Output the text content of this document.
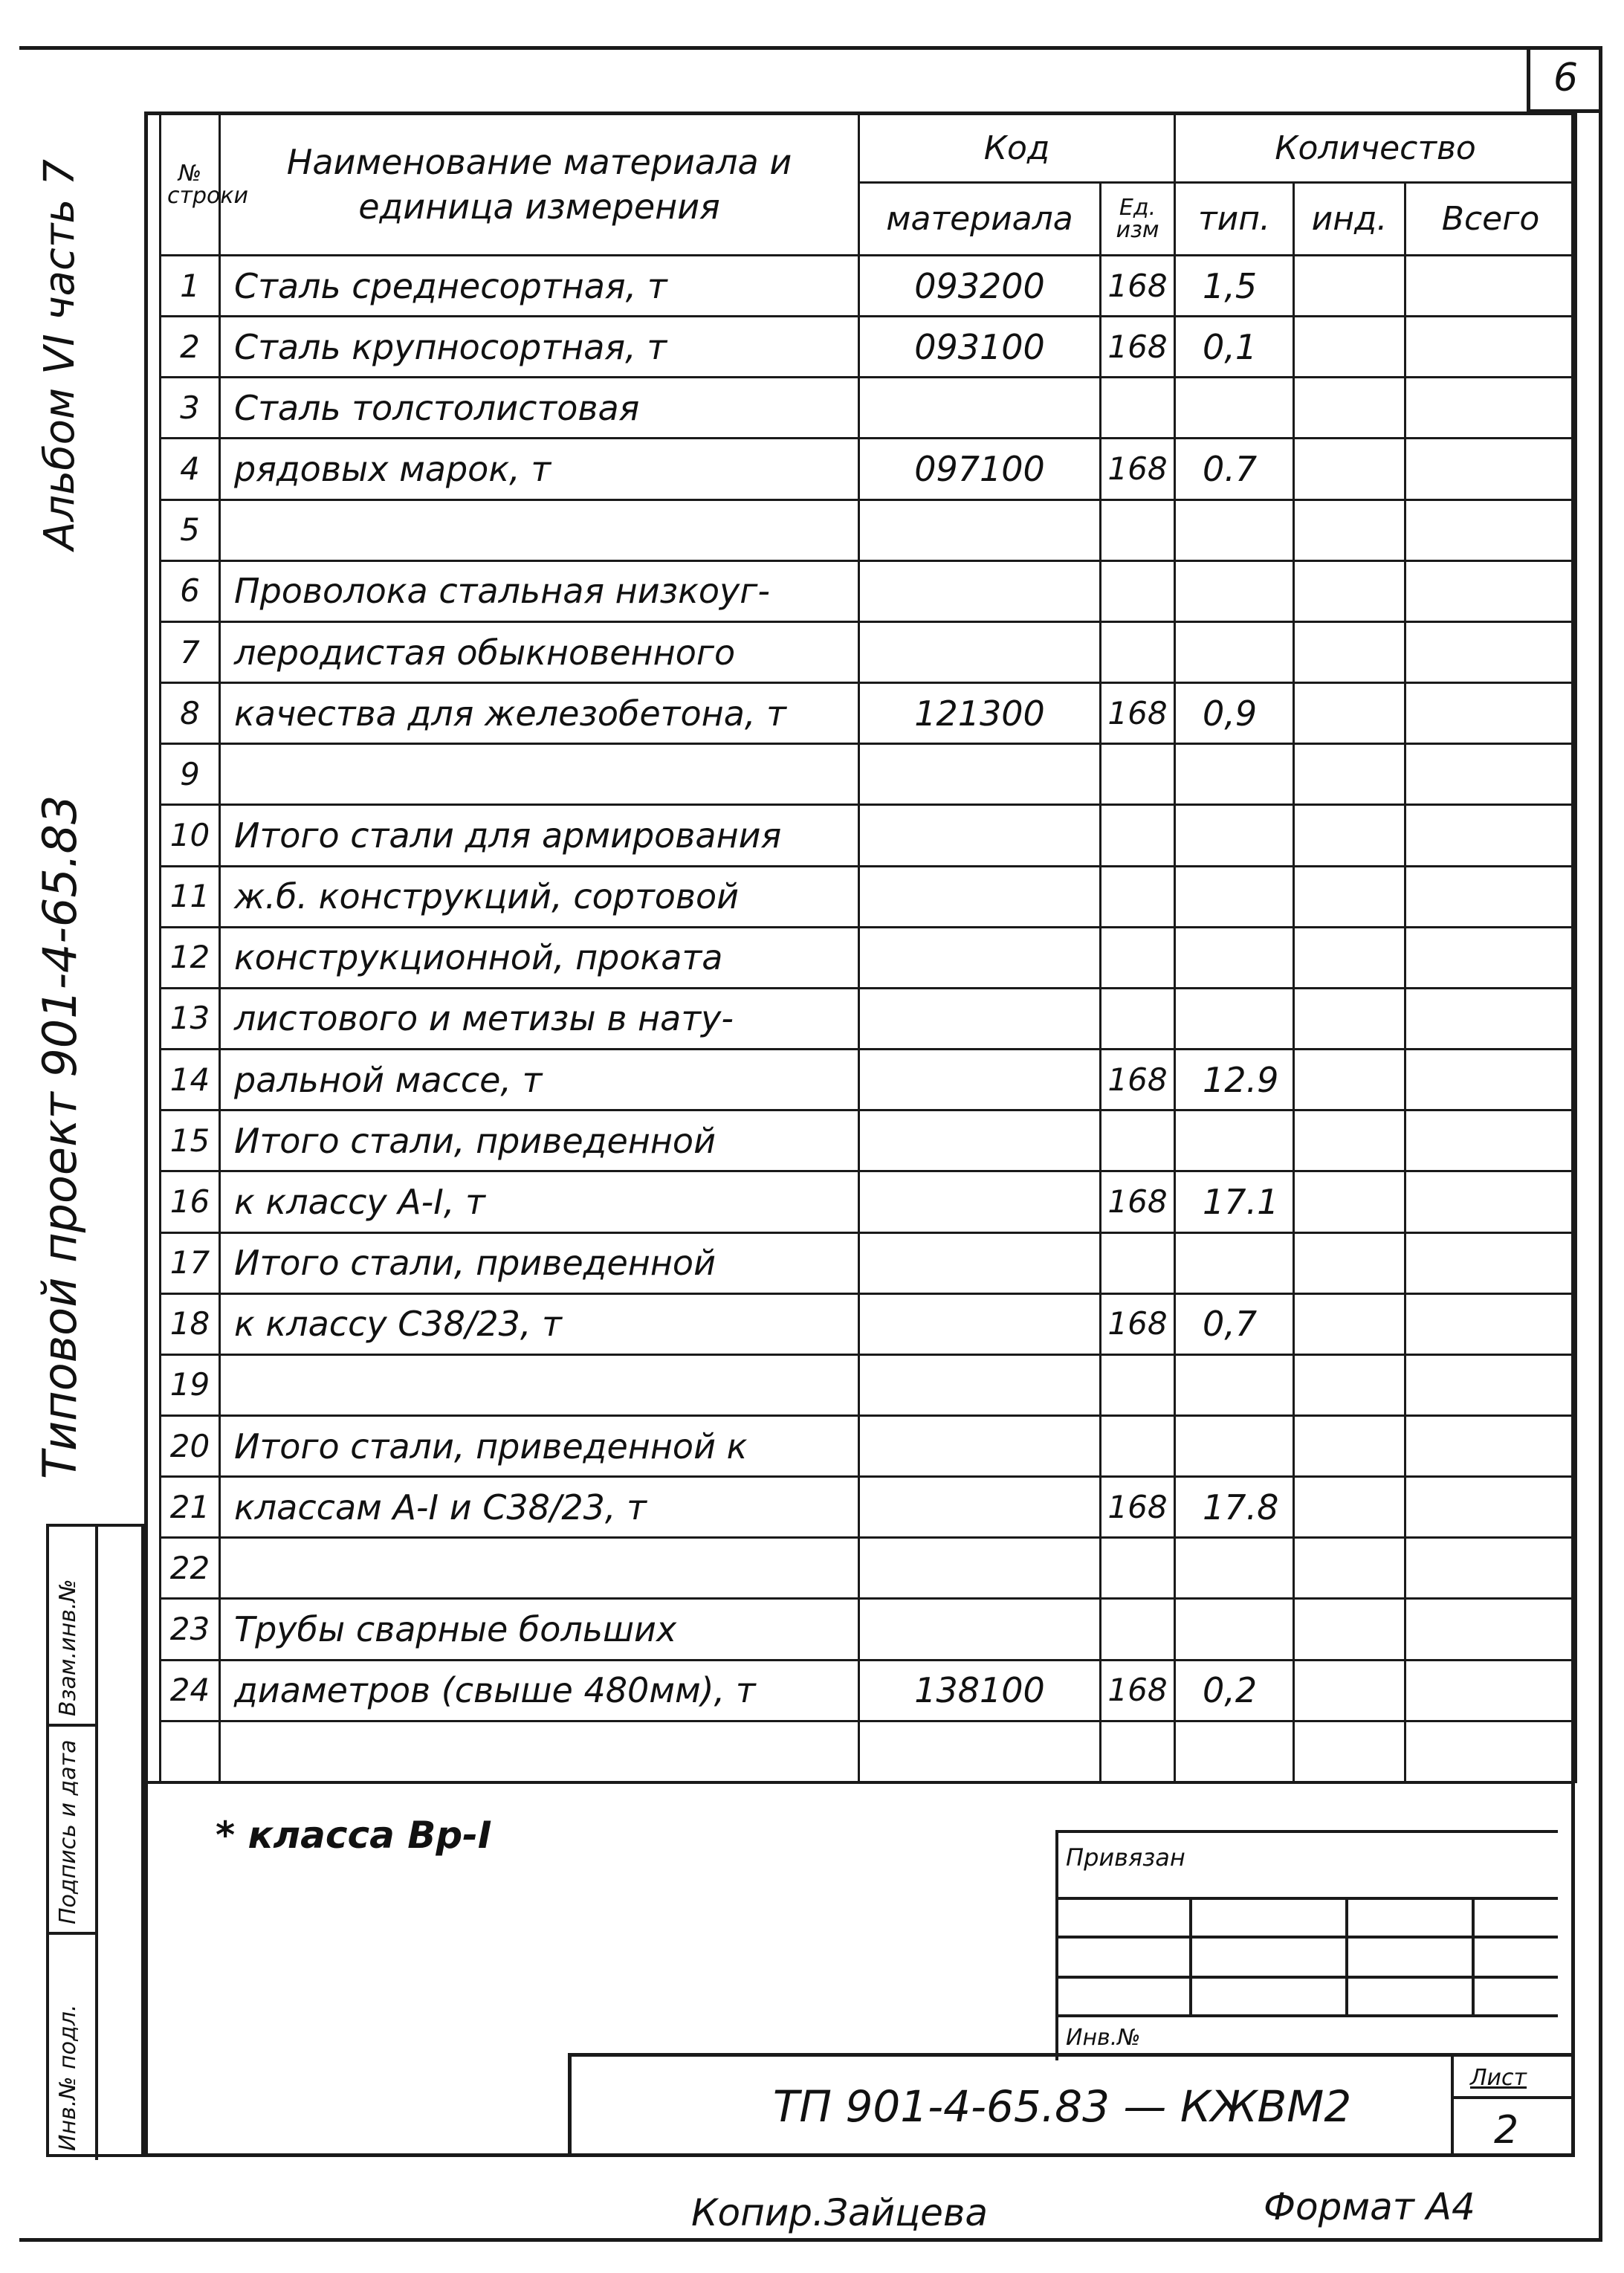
6
Альбом VI часть 7
Типовой проект 901-4-65.83
Инв.№ подл.
Подпись и дата
Взам.инв.№
№ строки	Наименование материала и единица измерения	Код		Количество		
		материала	Ед. изм	тип.	инд.	Всего
1	Сталь среднесортная, т	093200	168	1,5		
2	Сталь крупносортная, т	093100	168	0,1		
3	Сталь толстолистовая					
4	рядовых марок, т	097100	168	0.7		
5						
6	Проволока стальная низкоуг-					
7	леродистая обыкновенного					
8	качества для железобетона, т	121300	168	0,9		
9						
10	Итого стали для армирования					
11	ж.б. конструкций, сортовой					
12	конструкционной, проката					
13	листового и метизы в нату-					
14	ральной массе, т		168	12.9		
15	Итого стали, приведенной					
16	к классу А-I, т		168	17.1		
17	Итого стали, приведенной					
18	к классу С38/23, т		168	0,7		
19						
20	Итого стали, приведенной к					
21	классам А-I и С38/23, т		168	17.8		
22						
23	Трубы сварные больших					
24	диаметров (свыше 480мм), т	138100	168	0,2		

* класса Вр-I
Привязан
Инв.№
ТП 901-4-65.83 — КЖВМ2
Лист
2
Копир.Зайцева	Формат А4
